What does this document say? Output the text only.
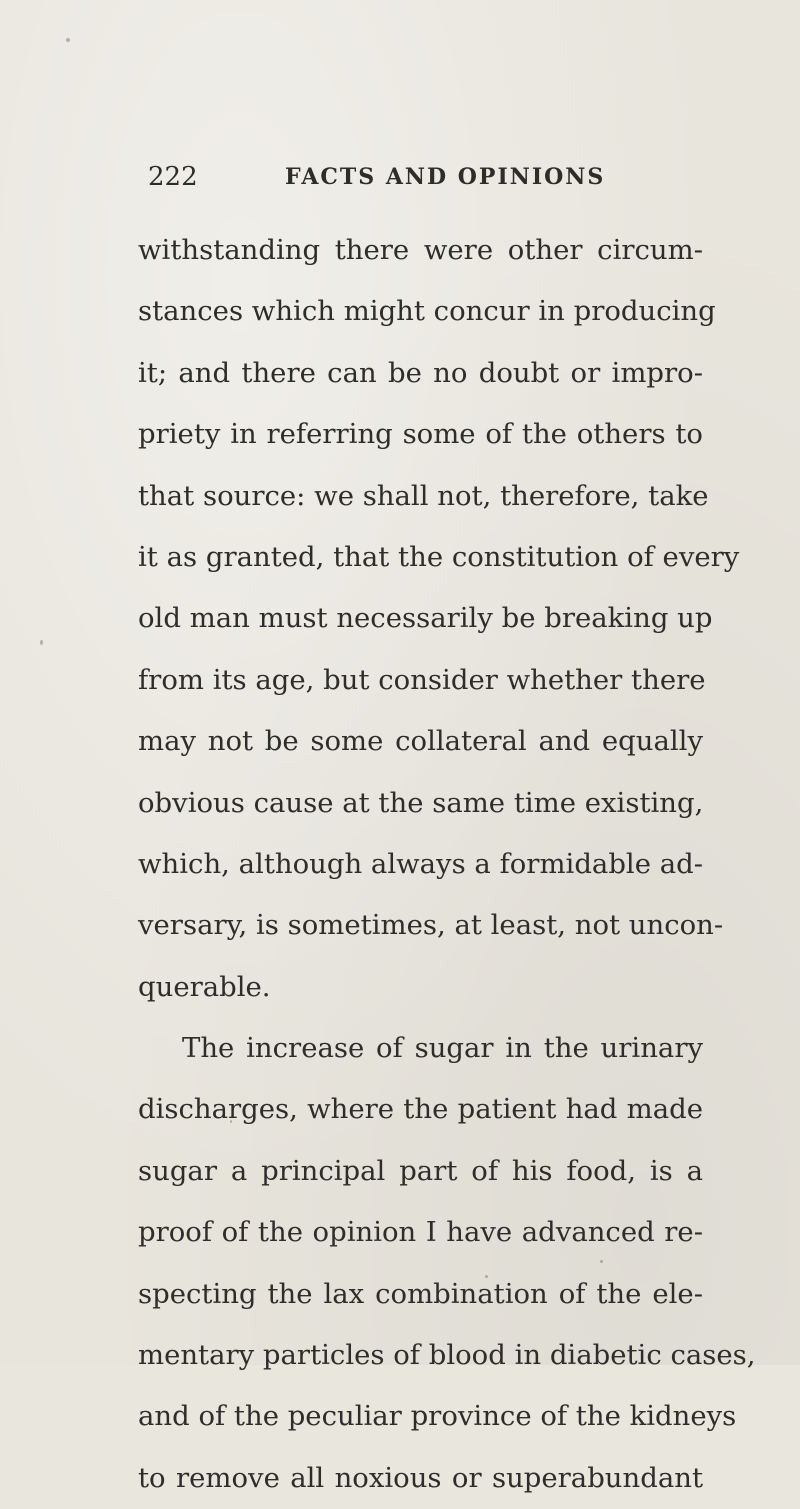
222	FACTS AND OPINIONS
withstanding there were other circum-
stances which might concur in producing
it; and there can be no doubt or impro-
priety in referring some of the others to
that source: we shall not, therefore, take
it as granted, that the constitution of every
old man must necessarily be breaking up
from its age, but consider whether there
may not be some collateral and equally
obvious cause at the same time existing,
which, although always a formidable ad-
versary, is sometimes, at least, not uncon-
querable.
The increase of sugar in the urinary
discharges, where the patient had made
sugar a principal part of his food, is a
proof of the opinion I have advanced re-
specting the lax combination of the ele-
mentary particles of blood in diabetic cases,
and of the peculiar province of the kidneys
to remove all noxious or superabundant
